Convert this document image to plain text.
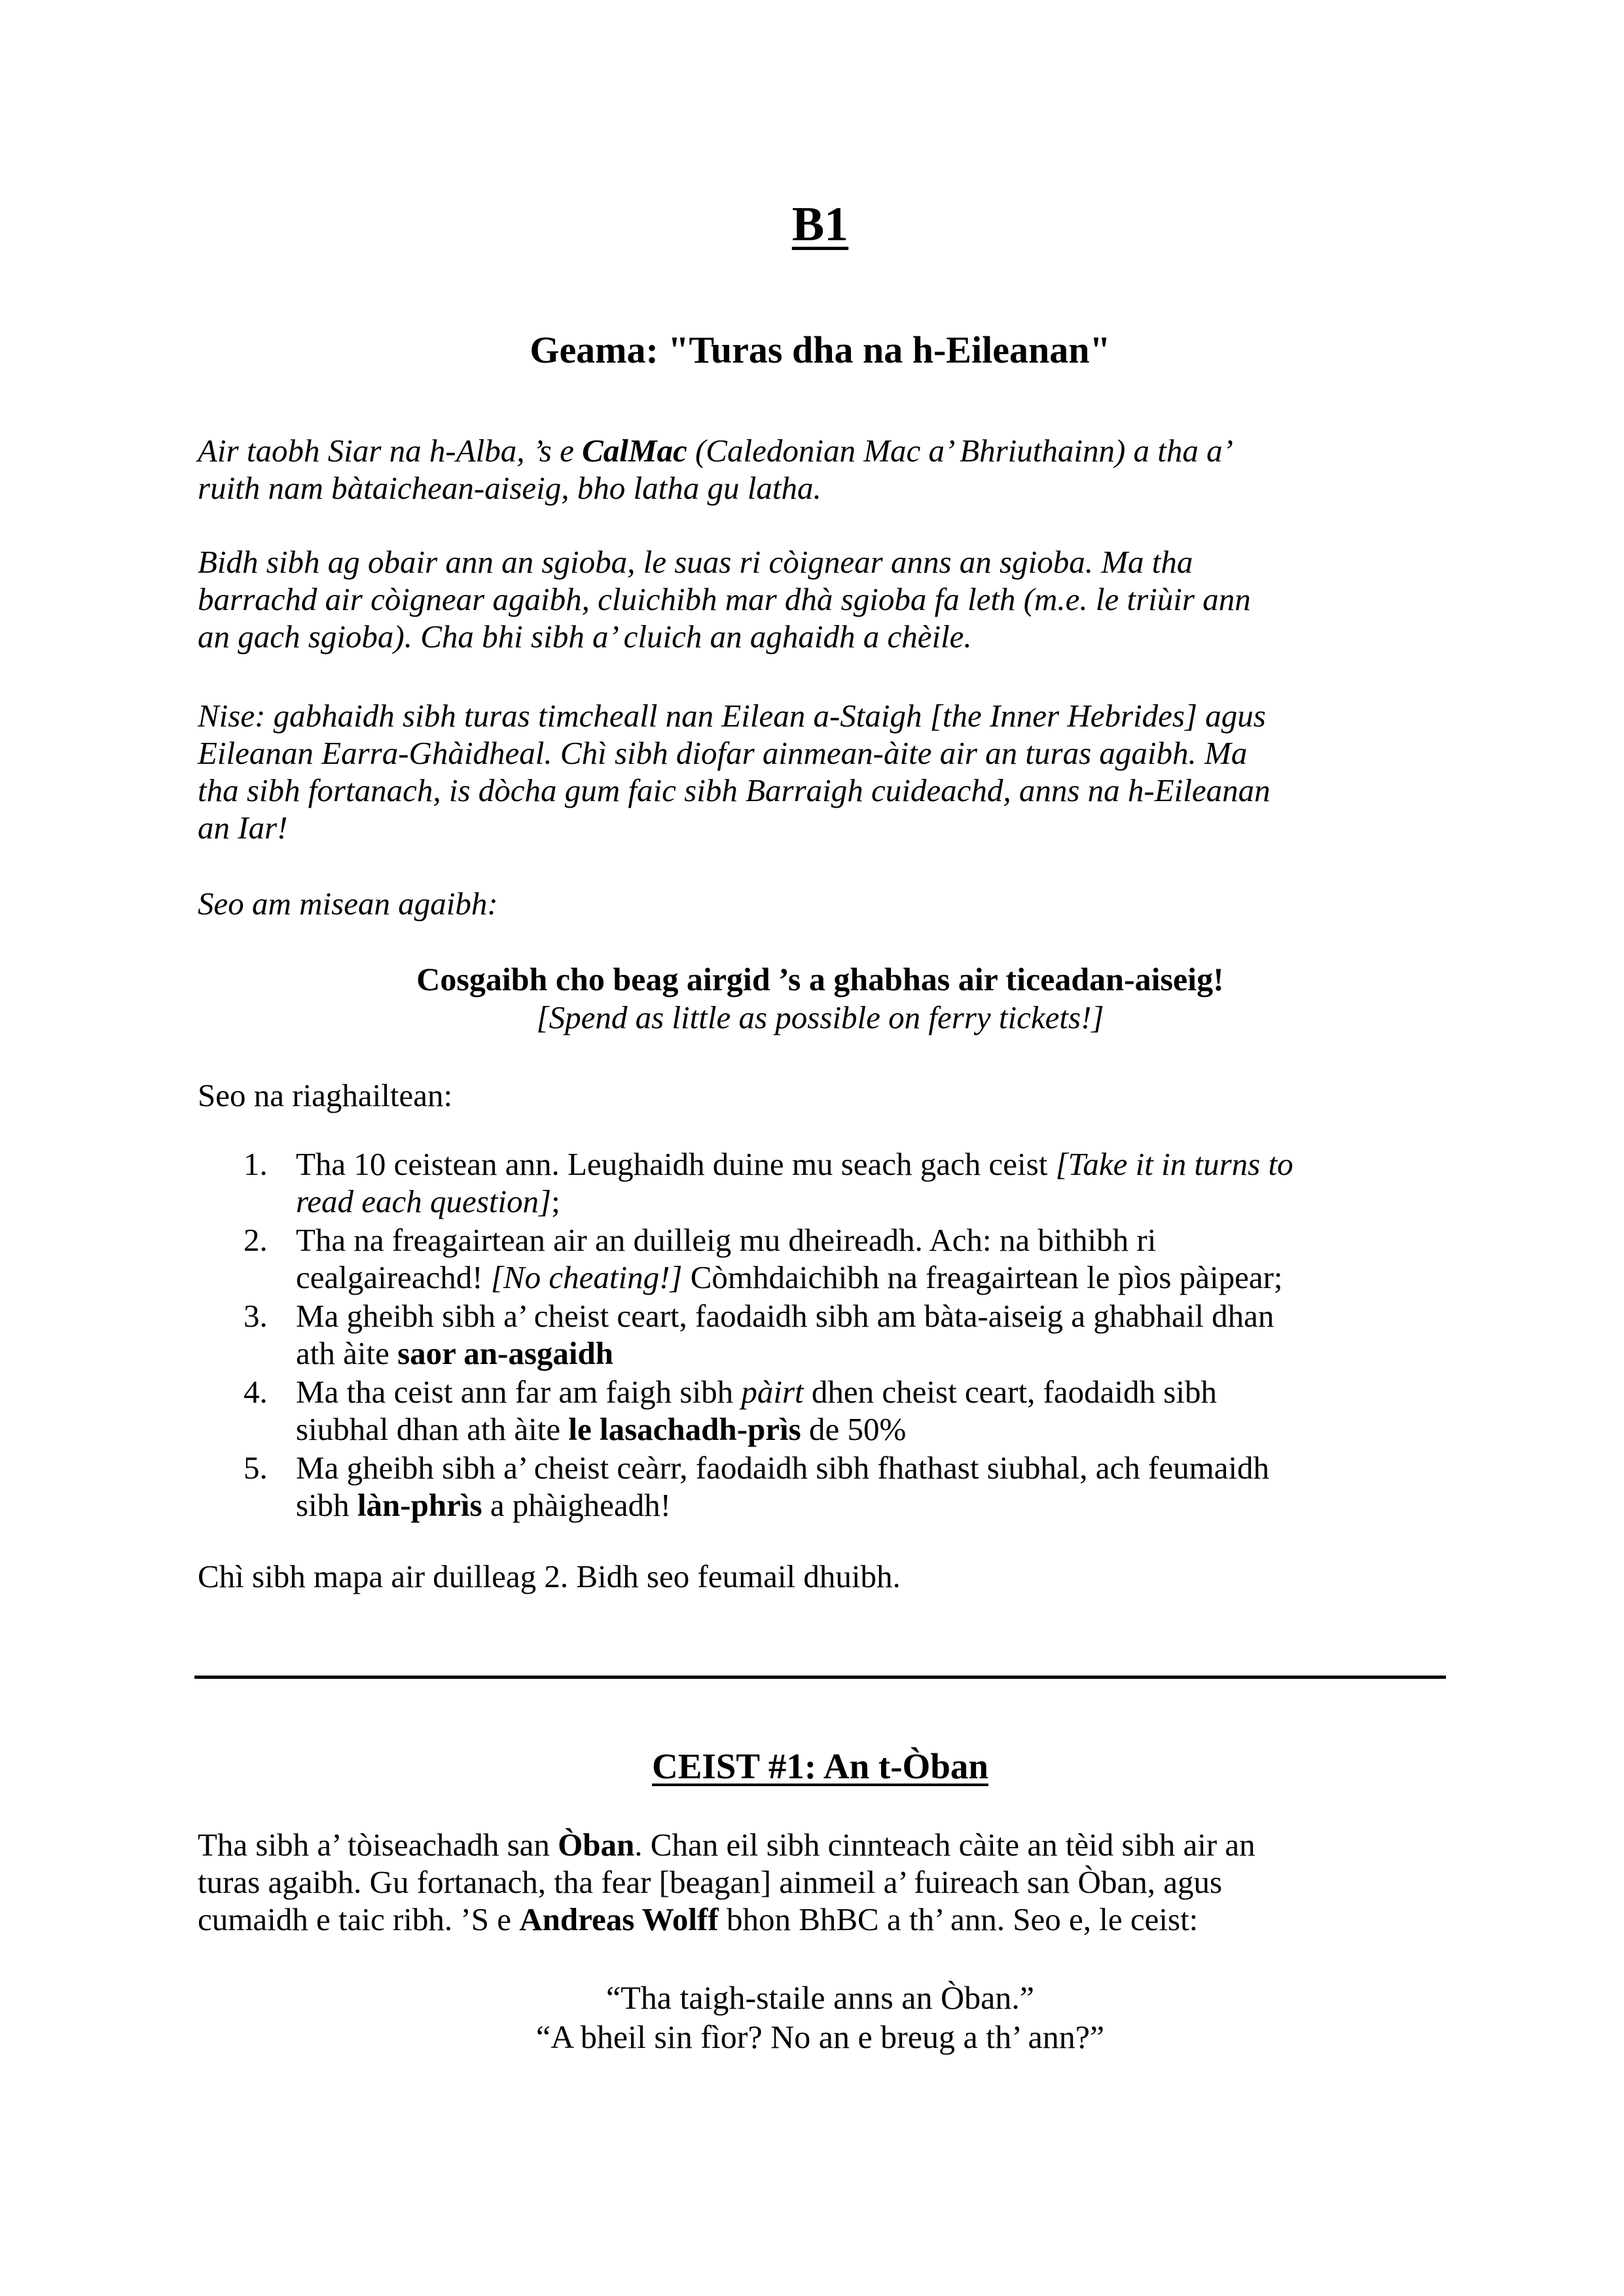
B1
Geama: "Turas dha na h-Eileanan"

Air taobh Siar na h-Alba, ’s e CalMac (Caledonian Mac a’ Bhriuthainn) a tha a’

ruith nam bàtaichean-aiseig, bho latha gu latha.

Bidh sibh ag obair ann an sgioba, le suas ri còignear anns an sgioba. Ma tha

barrachd air còignear agaibh, cluichibh mar dhà sgioba fa leth (m.e. le triùir ann

an gach sgioba). Cha bhi sibh a’ cluich an aghaidh a chèile.

Nise: gabhaidh sibh turas timcheall nan Eilean a-Staigh [the Inner Hebrides] agus

Eileanan Earra-Ghàidheal. Chì sibh diofar ainmean-àite air an turas agaibh. Ma

tha sibh fortanach, is dòcha gum faic sibh Barraigh cuideachd, anns na h-Eileanan

an Iar!

Seo am misean agaibh:

Cosgaibh cho beag airgid ’s a ghabhas air ticeadan-aiseig!

[Spend as little as possible on ferry tickets!]

Seo na riaghailtean:

1. Tha 10 ceistean ann. Leughaidh duine mu seach gach ceist [Take it in turns to
read each question];
2. Tha na freagairtean air an duilleig mu dheireadh. Ach: na bithibh ri
cealgaireachd! [No cheating!] Còmhdaichibh na freagairtean le pìos pàipear;
3. Ma gheibh sibh a’ cheist ceart, faodaidh sibh am bàta-aiseig a ghabhail dhan
ath àite saor an-asgaidh
4. Ma tha ceist ann far am faigh sibh pàirt dhen cheist ceart, faodaidh sibh
siubhal dhan ath àite le lasachadh-prìs de 50%
5. Ma gheibh sibh a’ cheist ceàrr, faodaidh sibh fhathast siubhal, ach feumaidh
sibh làn-phrìs a phàigheadh!

Chì sibh mapa air duilleag 2. Bidh seo feumail dhuibh.

CEIST #1: An t-Òban

Tha sibh a’ tòiseachadh san Òban. Chan eil sibh cinnteach càite an tèid sibh air an

turas agaibh. Gu fortanach, tha fear [beagan] ainmeil a’ fuireach san Òban, agus

cumaidh e taic ribh. ’S e Andreas Wolff bhon BhBC a th’ ann. Seo e, le ceist:

“Tha taigh-staile anns an Òban.”

“A bheil sin fìor? No an e breug a th’ ann?”
